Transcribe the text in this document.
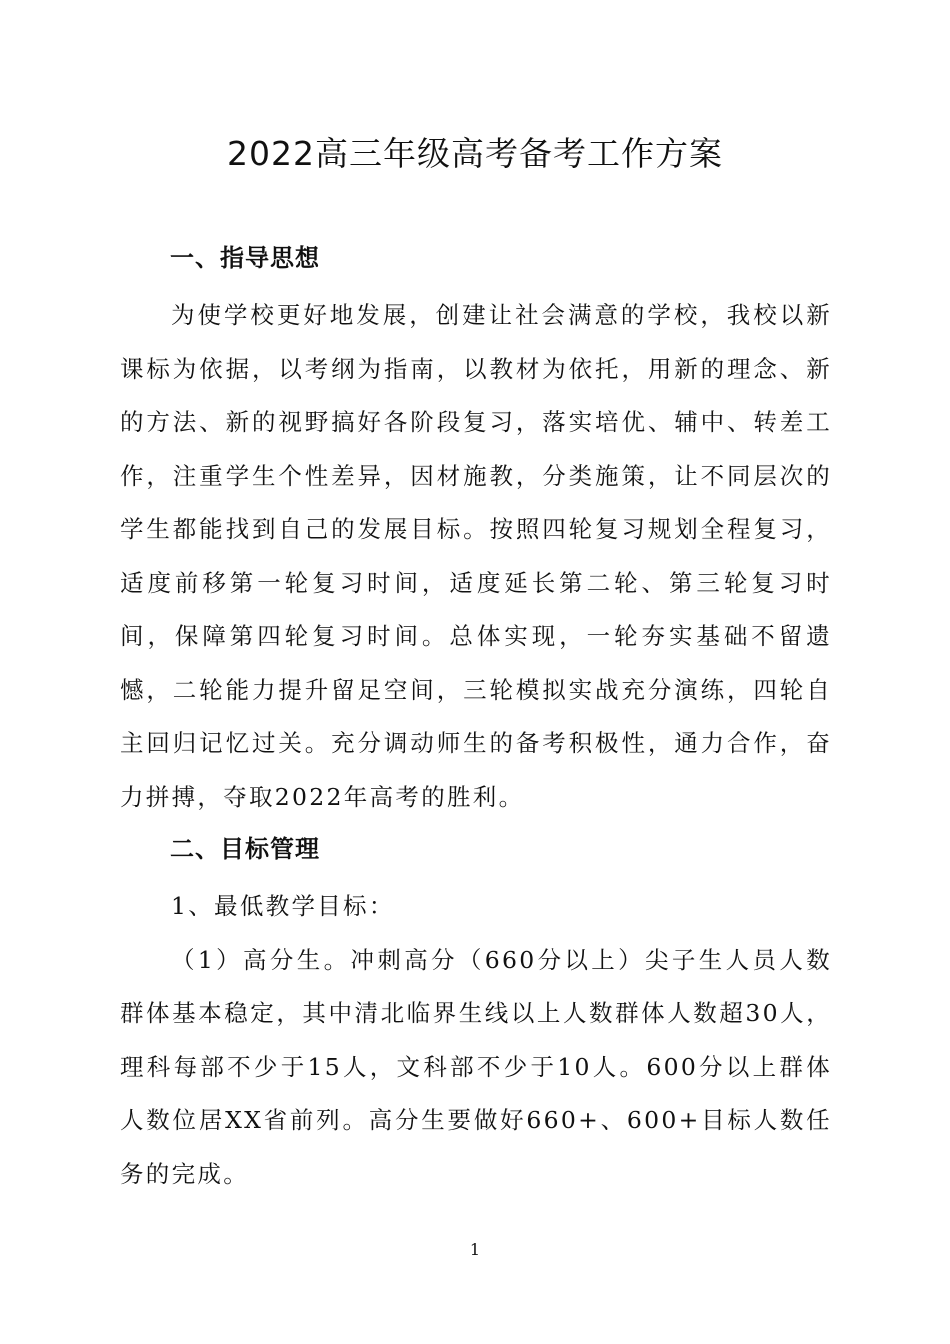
2022高三年级高考备考工作方案
一、指导思想

为使学校更好地发展，创建让社会满意的学校，我校以新课标为依据，以考纲为指南，以教材为依托，用新的理念、新的方法、新的视野搞好各阶段复习，落实培优、辅中、转差工作，注重学生个性差异，因材施教，分类施策，让不同层次的学生都能找到自己的发展目标。按照四轮复习规划全程复习，适度前移第一轮复习时间，适度延长第二轮、第三轮复习时间，保障第四轮复习时间。总体实现，一轮夯实基础不留遗憾，二轮能力提升留足空间，三轮模拟实战充分演练，四轮自主回归记忆过关。充分调动师生的备考积极性，通力合作，奋力拼搏，夺取2022年高考的胜利。

二、目标管理

1、最低教学目标：

（1）高分生。冲刺高分（660分以上）尖子生人员人数群体基本稳定，其中清北临界生线以上人数群体人数超30人，理科每部不少于15人，文科部不少于10人。600分以上群体人数位居XX省前列。高分生要做好660+、600+目标人数任务的完成。

1
